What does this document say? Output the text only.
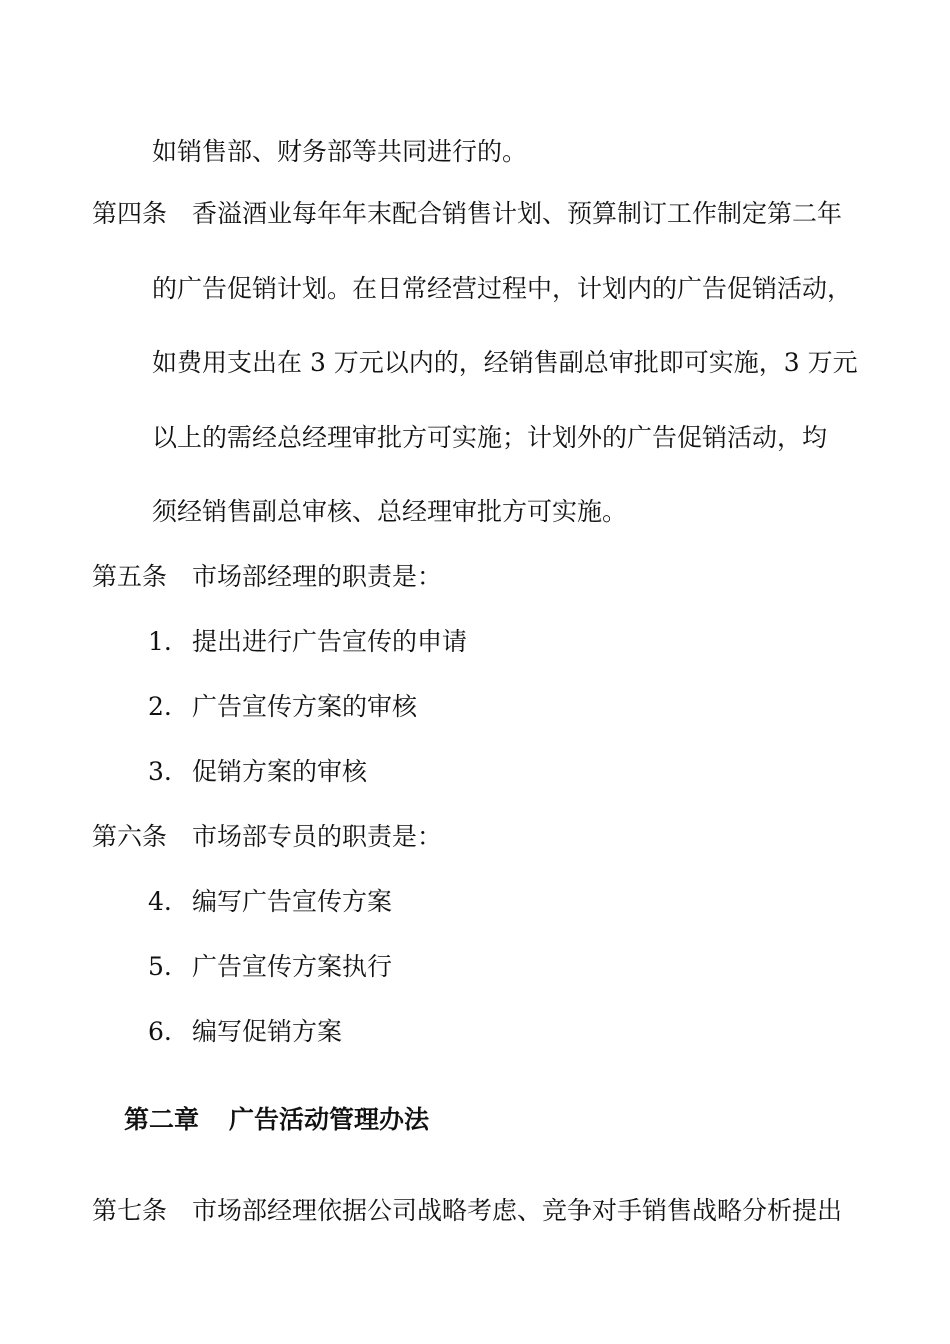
如销售部、财务部等共同进行的。
第四条 香溢酒业每年年末配合销售计划、预算制订工作制定第二年
的广告促销计划。在日常经营过程中，计划内的广告促销活动，
如费用支出在 3 万元以内的，经销售副总审批即可实施，3 万元
以上的需经总经理审批方可实施；计划外的广告促销活动，均
须经销售副总审核、总经理审批方可实施。
第五条 市场部经理的职责是：
1. 提出进行广告宣传的申请
2. 广告宣传方案的审核
3. 促销方案的审核
第六条 市场部专员的职责是：
4. 编写广告宣传方案
5. 广告宣传方案执行
6. 编写促销方案
第二章 广告活动管理办法
第七条 市场部经理依据公司战略考虑、竞争对手销售战略分析提出
